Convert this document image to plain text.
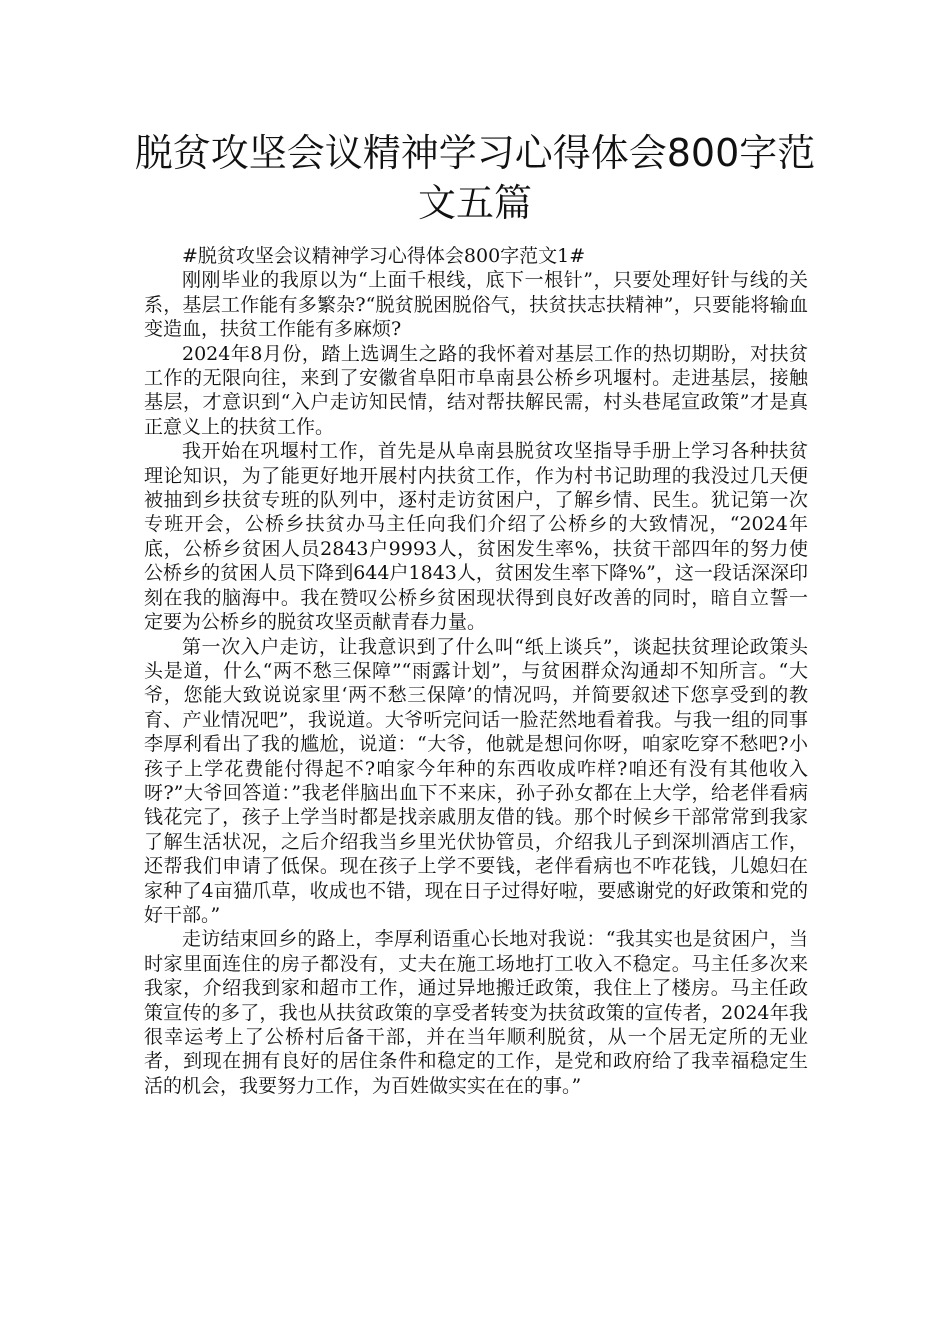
脱贫攻坚会议精神学习心得体会800字范文五篇

#脱贫攻坚会议精神学习心得体会800字范文1#

刚刚毕业的我原以为“上面千根线，底下一根针”，只要处理好针与线的关系，基层工作能有多繁杂?“脱贫脱困脱俗气，扶贫扶志扶精神”，只要能将输血变造血，扶贫工作能有多麻烦?

2024年8月份，踏上选调生之路的我怀着对基层工作的热切期盼，对扶贫工作的无限向往，来到了安徽省阜阳市阜南县公桥乡巩堰村。走进基层，接触基层，才意识到“入户走访知民情，结对帮扶解民需，村头巷尾宣政策”才是真正意义上的扶贫工作。

我开始在巩堰村工作，首先是从阜南县脱贫攻坚指导手册上学习各种扶贫理论知识，为了能更好地开展村内扶贫工作，作为村书记助理的我没过几天便被抽到乡扶贫专班的队列中，逐村走访贫困户，了解乡情、民生。犹记第一次专班开会，公桥乡扶贫办马主任向我们介绍了公桥乡的大致情况，“2024年底，公桥乡贫困人员2843户9993人，贫困发生率%，扶贫干部四年的努力使公桥乡的贫困人员下降到644户1843人，贫困发生率下降%”，这一段话深深印刻在我的脑海中。我在赞叹公桥乡贫困现状得到良好改善的同时，暗自立誓一定要为公桥乡的脱贫攻坚贡献青春力量。

第一次入户走访，让我意识到了什么叫“纸上谈兵”，谈起扶贫理论政策头头是道，什么“两不愁三保障”“雨露计划”，与贫困群众沟通却不知所言。“大爷，您能大致说说家里‘两不愁三保障’的情况吗，并简要叙述下您享受到的教育、产业情况吧”，我说道。大爷听完问话一脸茫然地看着我。与我一组的同事李厚利看出了我的尴尬，说道：“大爷，他就是想问你呀，咱家吃穿不愁吧?小孩子上学花费能付得起不?咱家今年种的东西收成咋样?咱还有没有其他收入呀?”大爷回答道：”我老伴脑出血下不来床，孙子孙女都在上大学，给老伴看病钱花完了，孩子上学当时都是找亲戚朋友借的钱。那个时候乡干部常常到我家了解生活状况，之后介绍我当乡里光伏协管员，介绍我儿子到深圳酒店工作，还帮我们申请了低保。现在孩子上学不要钱，老伴看病也不咋花钱，儿媳妇在家种了4亩猫爪草，收成也不错，现在日子过得好啦，要感谢党的好政策和党的好干部。”

走访结束回乡的路上，李厚利语重心长地对我说：“我其实也是贫困户，当时家里面连住的房子都没有，丈夫在施工场地打工收入不稳定。马主任多次来我家，介绍我到家和超市工作，通过异地搬迁政策，我住上了楼房。马主任政策宣传的多了，我也从扶贫政策的享受者转变为扶贫政策的宣传者，2024年我很幸运考上了公桥村后备干部，并在当年顺利脱贫，从一个居无定所的无业者，到现在拥有良好的居住条件和稳定的工作，是党和政府给了我幸福稳定生活的机会，我要努力工作，为百姓做实实在在的事。”
